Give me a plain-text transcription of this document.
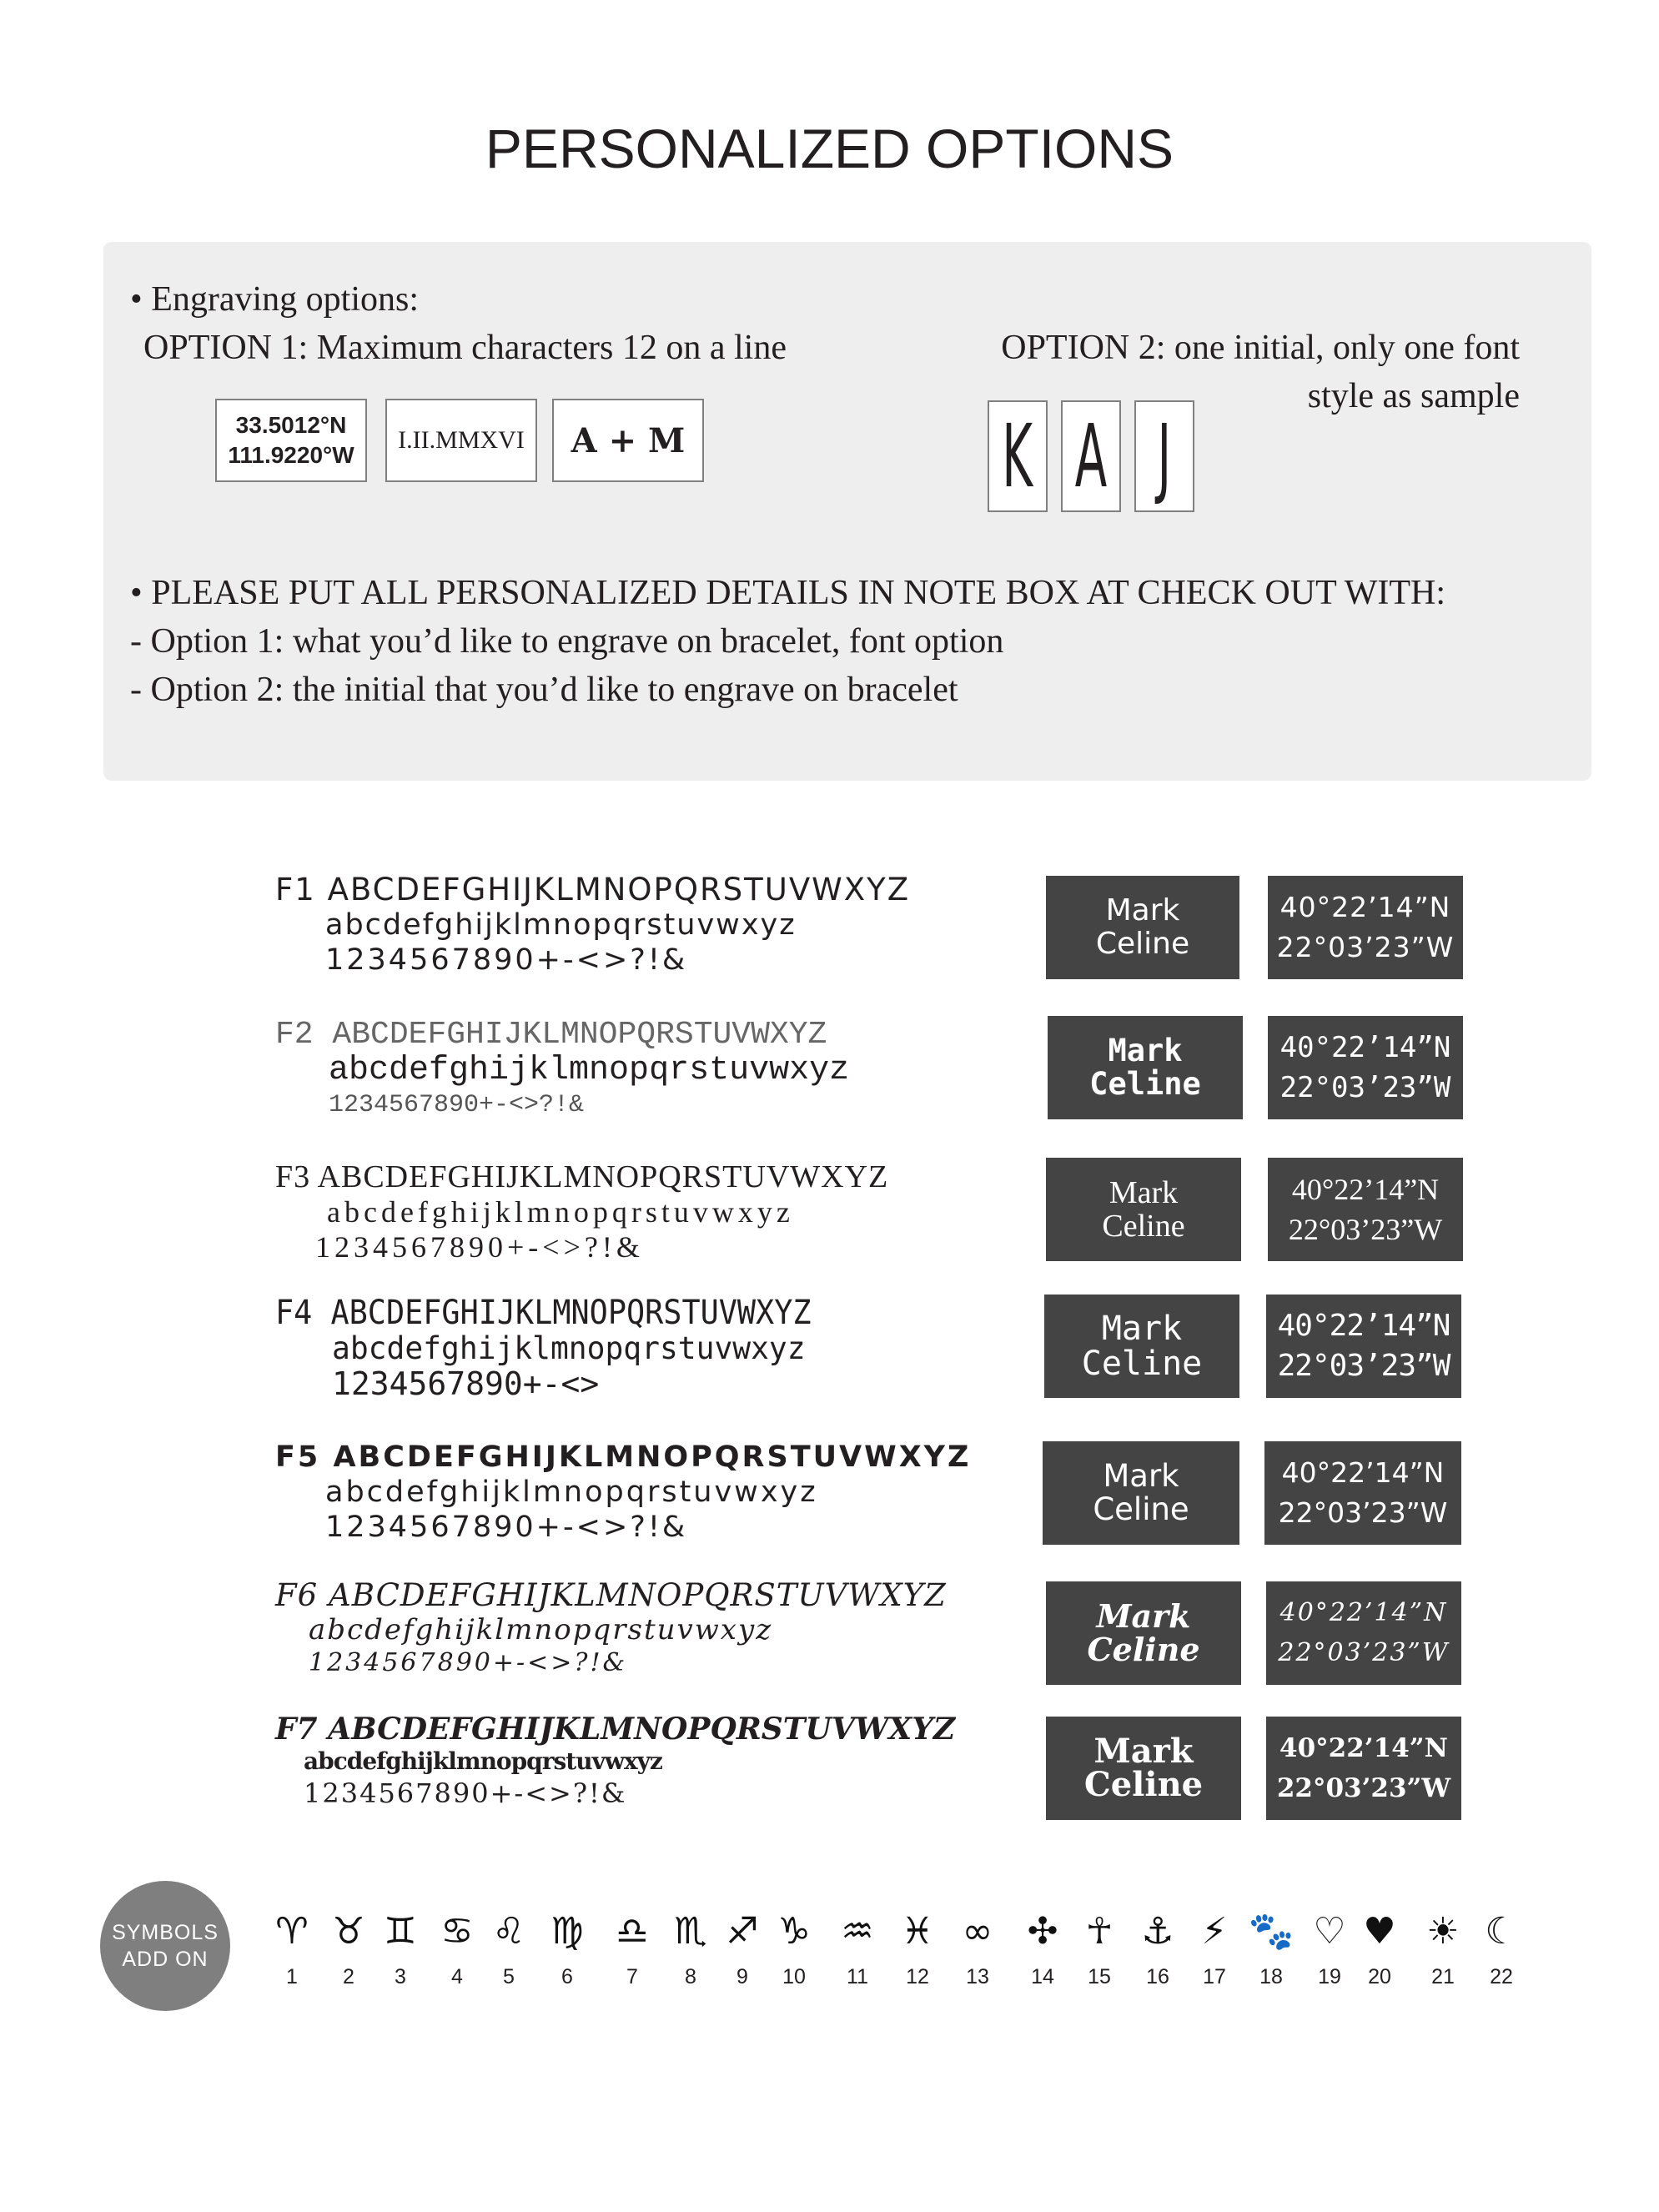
PERSONALIZED OPTIONS
• Engraving options:
OPTION 1: Maximum characters 12 on a line	OPTION 2: one initial, only one font
style as sample
33.5012°N
111.9220°W
I.II.MMXVI	A + M	K A J
• PLEASE PUT ALL PERSONALIZED DETAILS IN NOTE BOX AT CHECK OUT WITH:
- Option 1: what you’d like to engrave on bracelet, font option
- Option 2: the initial that you’d like to engrave on bracelet
F1 ABCDEFGHIJKLMNOPQRSTUVWXYZ
abcdefghijklmnopqrstuvwxyz
1234567890+-<>?!&
Mark
Celine
40°22’14”N
22°03’23”W
F2 ABCDEFGHIJKLMNOPQRSTUVWXYZ
abcdefghijklmnopqrstuvwxyz
1234567890+-<>?!&
Mark
Celine
40°22’14”N
22°03’23”W
F3 ABCDEFGHIJKLMNOPQRSTUVWXYZ
abcdefghijklmnopqrstuvwxyz
1234567890+-<>?!&
Mark
Celine
40°22’14”N
22°03’23”W
F4 ABCDEFGHIJKLMNOPQRSTUVWXYZ
abcdefghijklmnopqrstuvwxyz
1234567890+-<>
Mark
Celine
40°22’14”N
22°03’23”W
F5 ABCDEFGHIJKLMNOPQRSTUVWXYZ
abcdefghijklmnopqrstuvwxyz
1234567890+-<>?!&
Mark
Celine
40°22’14”N
22°03’23”W
F6 ABCDEFGHIJKLMNOPQRSTUVWXYZ
abcdefghijklmnopqrstuvwxyz
1234567890+-<>?!&
Mark
Celine
40°22’14”N
22°03’23”W
F7 ABCDEFGHIJKLMNOPQRSTUVWXYZ
abcdefghijklmnopqrstuvwxyz
1234567890+-<>?!&
Mark
Celine
40°22’14”N
22°03’23”W
SYMBOLS
ADD ON
♈
1
♉
2
♊
3
♋
4
♌
5
♍
6
♎
7
♏
8
♐
9
♑
10
♒
11
♓
12
∞
13
✣
14
☥
15
⚓
16
⚡
17
🐾
18
♡
19
♥
20
☀
21
☾
22
